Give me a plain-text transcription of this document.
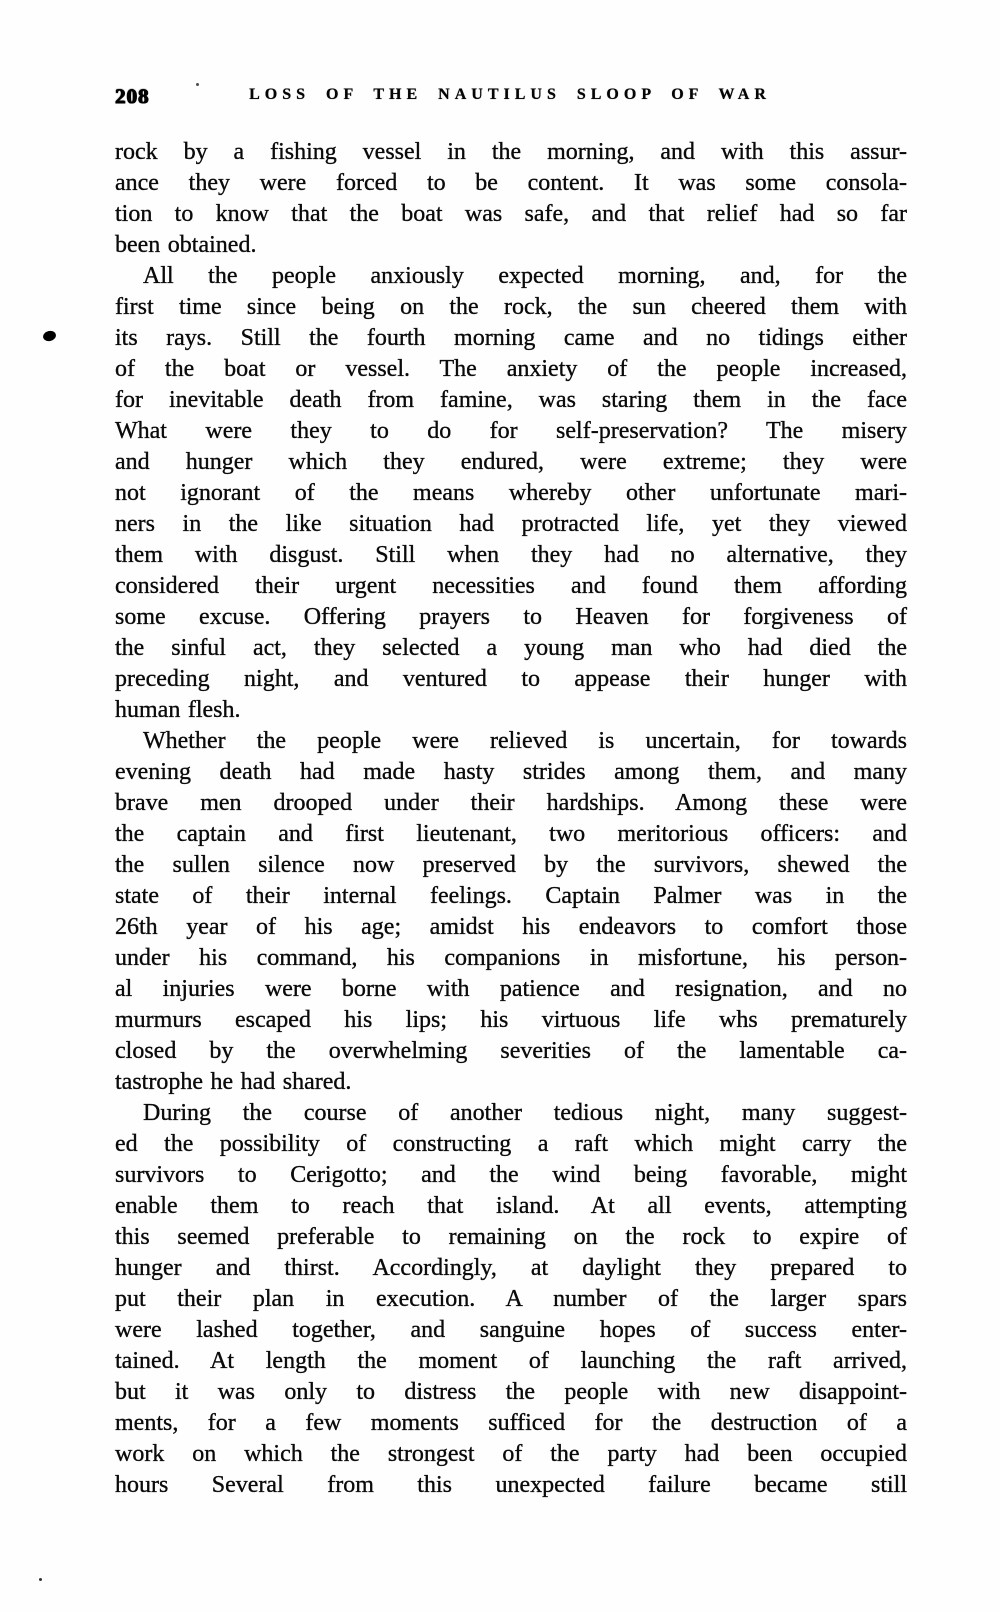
208	LOSS OF THE NAUTILUS SLOOP OF WAR
rock by a fishing vessel in the morning, and with this assur-
ance they were forced to be content. It was some consola-
tion to know that the boat was safe, and that relief had so far
been obtained.
All the people anxiously expected morning, and, for the
first time since being on the rock, the sun cheered them with
its rays. Still the fourth morning came and no tidings either
of the boat or vessel. The anxiety of the people increased,
for inevitable death from famine, was staring them in the face
What were they to do for self-preservation? The misery
and hunger which they endured, were extreme; they were
not ignorant of the means whereby other unfortunate mari-
ners in the like situation had protracted life, yet they viewed
them with disgust. Still when they had no alternative, they
considered their urgent necessities and found them affording
some excuse. Offering prayers to Heaven for forgiveness of
the sinful act, they selected a young man who had died the
preceding night, and ventured to appease their hunger with
human flesh.
Whether the people were relieved is uncertain, for towards
evening death had made hasty strides among them, and many
brave men drooped under their hardships. Among these were
the captain and first lieutenant, two meritorious officers: and
the sullen silence now preserved by the survivors, shewed the
state of their internal feelings. Captain Palmer was in the
26th year of his age; amidst his endeavors to comfort those
under his command, his companions in misfortune, his person-
al injuries were borne with patience and resignation, and no
murmurs escaped his lips; his virtuous life whs prematurely
closed by the overwhelming severities of the lamentable ca-
tastrophe he had shared.
During the course of another tedious night, many suggest-
ed the possibility of constructing a raft which might carry the
survivors to Cerigotto; and the wind being favorable, might
enable them to reach that island. At all events, attempting
this seemed preferable to remaining on the rock to expire of
hunger and thirst. Accordingly, at daylight they prepared to
put their plan in execution. A number of the larger spars
were lashed together, and sanguine hopes of success enter-
tained. At length the moment of launching the raft arrived,
but it was only to distress the people with new disappoint-
ments, for a few moments sufficed for the destruction of a
work on which the strongest of the party had been occupied
hours Several from this unexpected failure became still
